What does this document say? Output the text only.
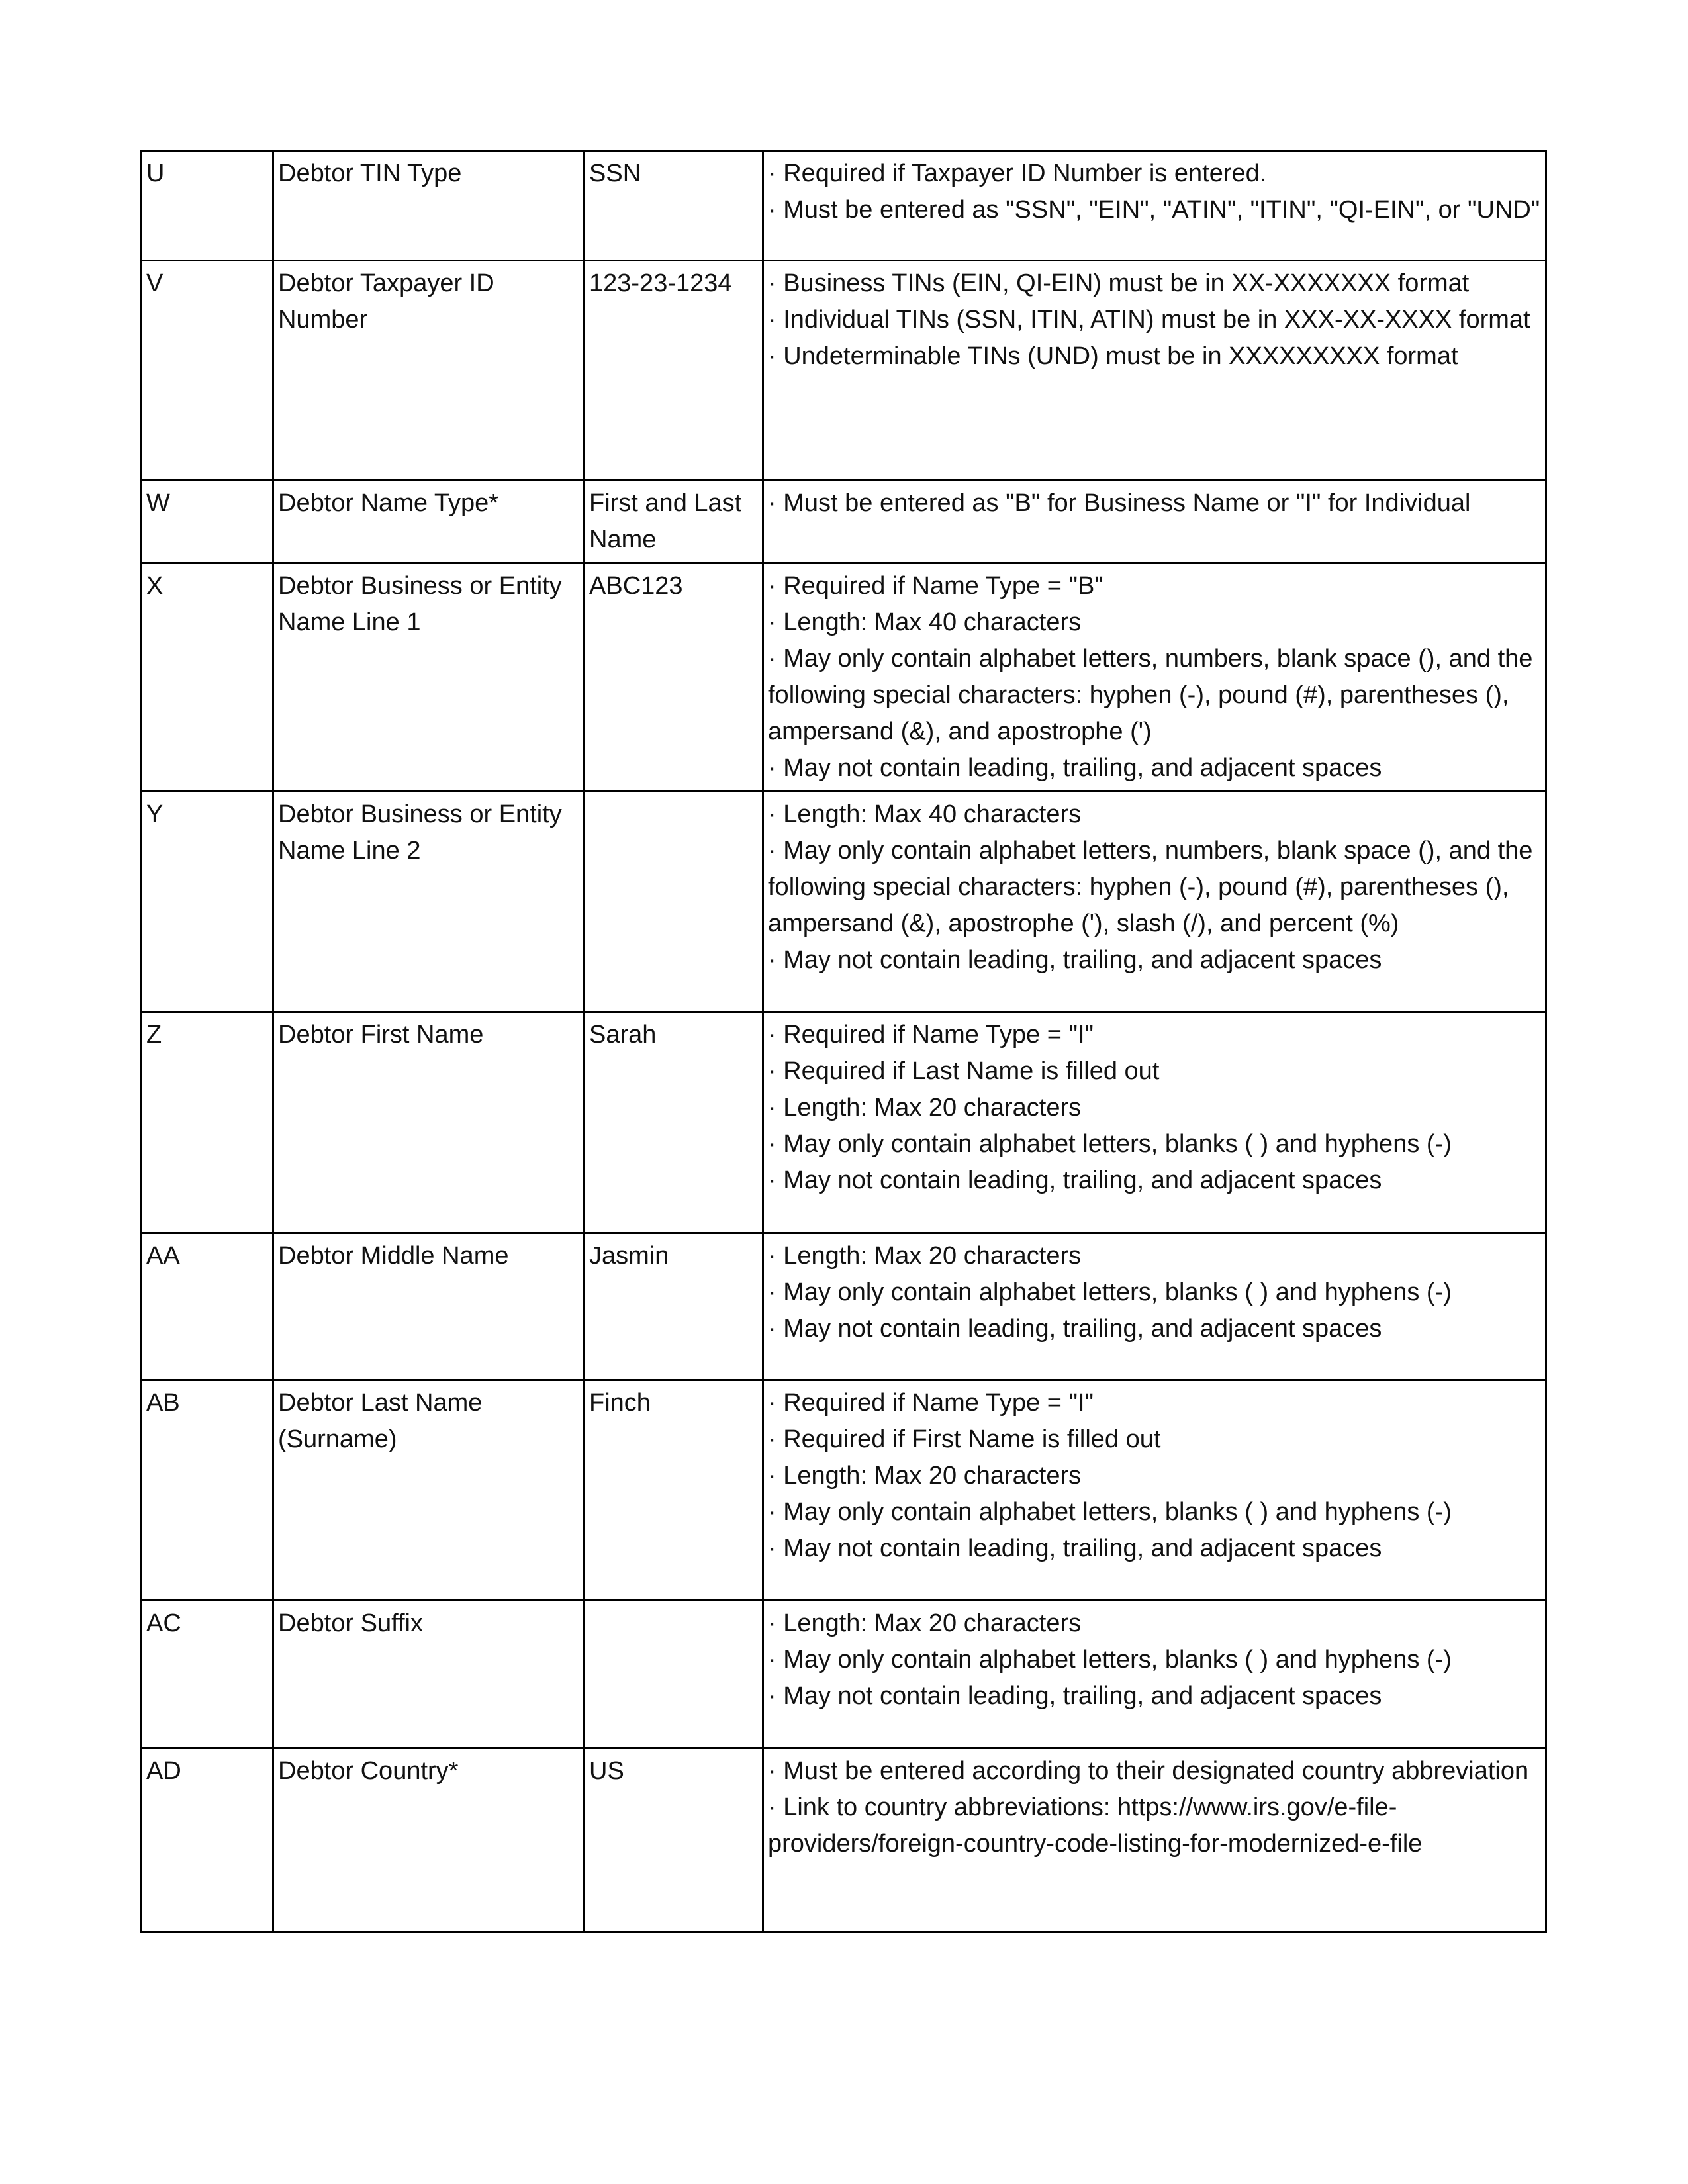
U	Debtor TIN Type	SSN	· Required if Taxpayer ID Number is entered.
· Must be entered as "SSN", "EIN", "ATIN", "ITIN", "QI-EIN", or "UND"

V	Debtor Taxpayer ID Number	123-23-1234	· Business TINs (EIN, QI-EIN) must be in XX-XXXXXXX format
· Individual TINs (SSN, ITIN, ATIN) must be in XXX-XX-XXXX format
· Undeterminable TINs (UND) must be in XXXXXXXXX format

W	Debtor Name Type*	First and Last Name	· Must be entered as "B" for Business Name or "I" for Individual

X	Debtor Business or Entity Name Line 1	ABC123	· Required if Name Type = "B"
· Length: Max 40 characters
· May only contain alphabet letters, numbers, blank space (), and the following special characters: hyphen (-), pound (#), parentheses (), ampersand (&), and apostrophe (')
· May not contain leading, trailing, and adjacent spaces

Y	Debtor Business or Entity Name Line 2		· Length: Max 40 characters
· May only contain alphabet letters, numbers, blank space (), and the following special characters: hyphen (-), pound (#), parentheses (), ampersand (&), apostrophe ('), slash (/), and percent (%)
· May not contain leading, trailing, and adjacent spaces

Z	Debtor First Name	Sarah	· Required if Name Type = "I"
· Required if Last Name is filled out
· Length: Max 20 characters
· May only contain alphabet letters, blanks ( ) and hyphens (-)
· May not contain leading, trailing, and adjacent spaces

AA	Debtor Middle Name	Jasmin	· Length: Max 20 characters
· May only contain alphabet letters, blanks ( ) and hyphens (-)
· May not contain leading, trailing, and adjacent spaces

AB	Debtor Last Name (Surname)	Finch	· Required if Name Type = "I"
· Required if First Name is filled out
· Length: Max 20 characters
· May only contain alphabet letters, blanks ( ) and hyphens (-)
· May not contain leading, trailing, and adjacent spaces

AC	Debtor Suffix		· Length: Max 20 characters
· May only contain alphabet letters, blanks ( ) and hyphens (-)
· May not contain leading, trailing, and adjacent spaces

AD	Debtor Country*	US	· Must be entered according to their designated country abbreviation
· Link to country abbreviations: https://www.irs.gov/e-file-providers/foreign-country-code-listing-for-modernized-e-file
